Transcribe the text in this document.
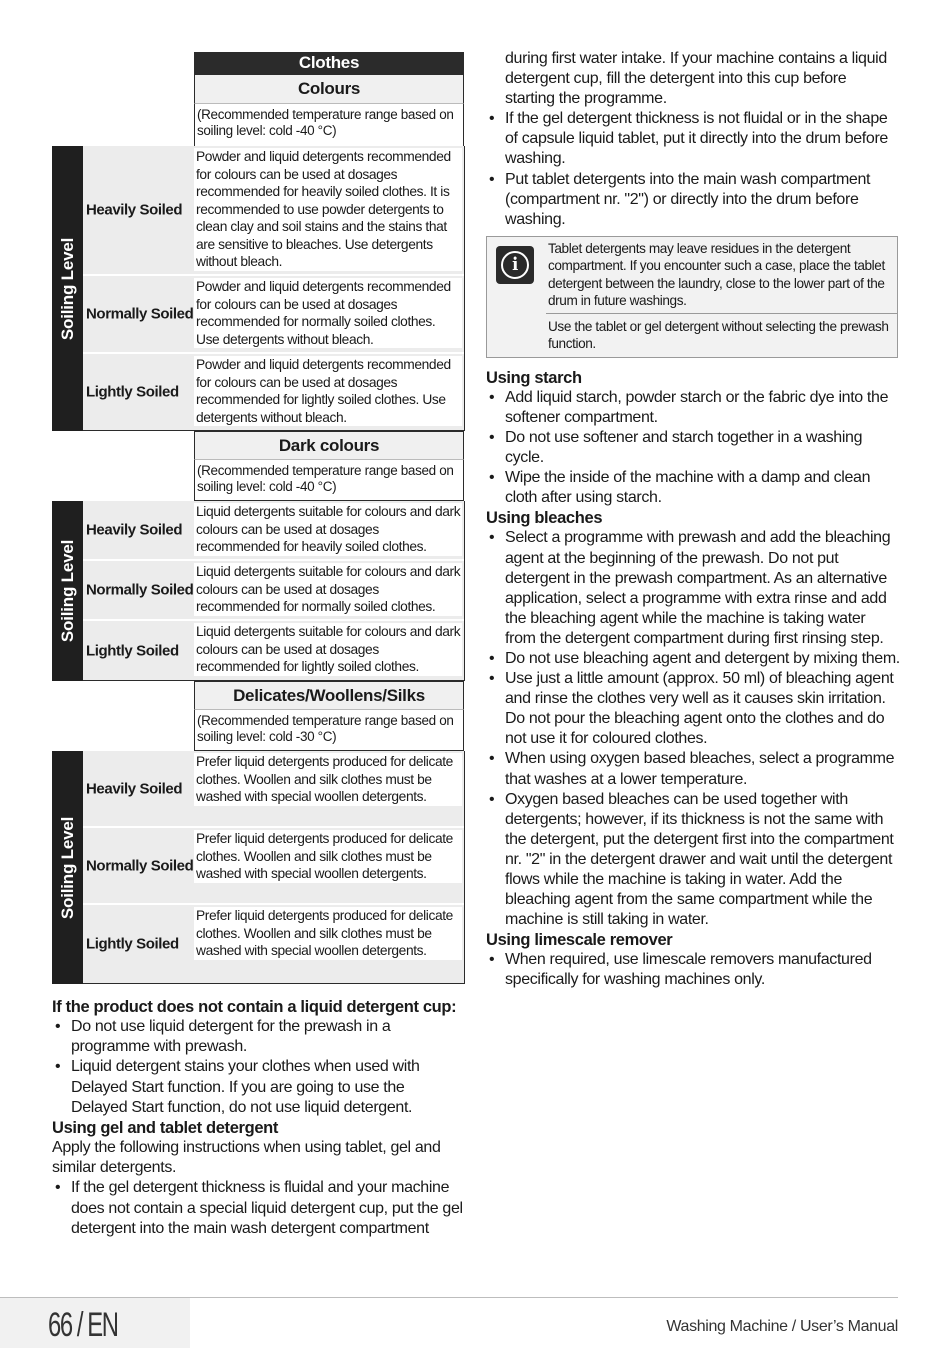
Clothes
Colours
(Recommended temperature range based on soiling level: cold -40 °C)
Soiling Level
Heavily Soiled
Powder and liquid detergents recommended for colours can be used at dosages recommended for heavily soiled clothes. It is recommended to use powder detergents to clean clay and soil stains and the stains that are sensitive to bleaches. Use detergents without bleach.
Normally Soiled
Powder and liquid detergents recommended for colours can be used at dosages recommended for normally soiled clothes. Use detergents without bleach.
Lightly Soiled
Powder and liquid detergents recommended for colours can be used at dosages recommended for lightly soiled clothes. Use detergents without bleach.
Dark colours
(Recommended temperature range based on soiling level: cold -40 °C)
Soiling Level
Heavily Soiled
Liquid detergents suitable for colours and dark colours can be used at dosages recommended for heavily soiled clothes.
Normally Soiled
Liquid detergents suitable for colours and dark colours can be used at dosages recommended for normally soiled clothes.
Lightly Soiled
Liquid detergents suitable for colours and dark colours can be used at dosages recommended for lightly soiled clothes.
Delicates/Woollens/Silks
(Recommended temperature range based on soiling level: cold -30 °C)
Soiling Level
Heavily Soiled
Prefer liquid detergents produced for delicate clothes. Woollen and silk clothes must be washed with special woollen detergents.
Normally Soiled
Prefer liquid detergents produced for delicate clothes. Woollen and silk clothes must be washed with special woollen detergents.
Lightly Soiled
Prefer liquid detergents produced for delicate clothes. Woollen and silk clothes must be washed with special woollen detergents.
If the product does not contain a liquid detergent cup:
• Do not use liquid detergent for the prewash in a programme with prewash.
• Liquid detergent stains your clothes when used with Delayed Start function. If you are going to use the Delayed Start function, do not use liquid detergent.
Using gel and tablet detergent

Apply the following instructions when using tablet, gel and similar detergents.

• If the gel detergent thickness is fluidal and your machine does not contain a special liquid detergent cup, put the gel detergent into the main wash detergent compartment

during first water intake. If your machine contains a liquid detergent cup, fill the detergent into this cup before starting the programme.

• If the gel detergent thickness is not fluidal or in the shape of capsule liquid tablet, put it directly into the drum before washing.
• Put tablet detergents into the main wash compartment (compartment nr. "2") or directly into the drum before washing.
i
Tablet detergents may leave residues in the detergent compartment. If you encounter such a case, place the tablet detergent between the laundry, close to the lower part of the drum in future washings.
Use the tablet or gel detergent without selecting the prewash function.
Using starch
• Add liquid starch, powder starch or the fabric dye into the softener compartment.
• Do not use softener and starch together in a washing cycle.
• Wipe the inside of the machine with a damp and clean cloth after using starch.
Using bleaches
• Select a programme with prewash and add the bleaching agent at the beginning of the prewash. Do not put detergent in the prewash compartment. As an alternative application, select a programme with extra rinse and add the bleaching agent while the machine is taking water from the detergent compartment during first rinsing step.
• Do not use bleaching agent and detergent by mixing them.
• Use just a little amount (approx. 50 ml) of bleaching agent and rinse the clothes very well as it causes skin irritation. Do not pour the bleaching agent onto the clothes and do not use it for coloured clothes.
• When using oxygen based bleaches, select a programme that washes at a lower temperature.
• Oxygen based bleaches can be used together with detergents; however, if its thickness is not the same with the detergent, put the detergent first into the compartment nr. "2" in the detergent drawer and wait until the detergent flows while the machine is taking in water. Add the bleaching agent from the same compartment while the machine is still taking in water.
Using limescale remover
• When required, use limescale removers manufactured specifically for washing machines only.
66 / EN	Washing Machine / User’s Manual
